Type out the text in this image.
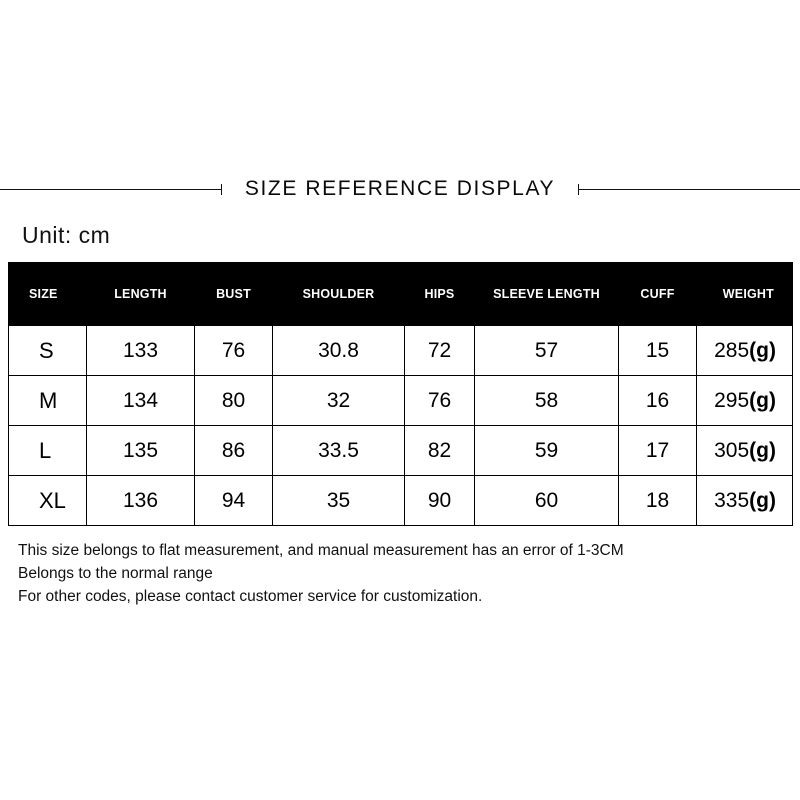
SIZE REFERENCE DISPLAY
Unit: cm
SIZE	LENGTH	BUST	SHOULDER	HIPS	SLEEVE LENGTH	CUFF	WEIGHT
S	133	76	30.8	72	57	15	285(g)
M	134	80	32	76	58	16	295(g)
L	135	86	33.5	82	59	17	305(g)
XL	136	94	35	90	60	18	335(g)
This size belongs to flat measurement, and manual measurement has an error of 1-3CM
Belongs to the normal range
For other codes, please contact customer service for customization.
